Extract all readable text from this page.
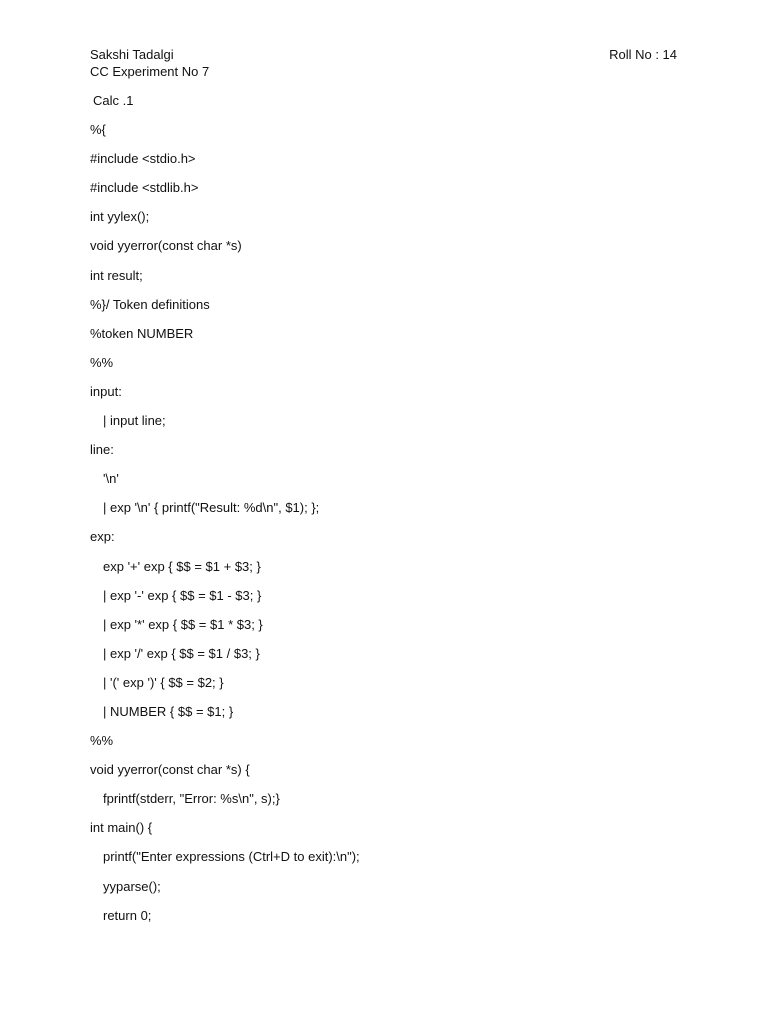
Sakshi Tadalgi
CC Experiment No 7
Roll No : 14
Calc .1
%{
#include <stdio.h>
#include <stdlib.h>
int yylex();
void yyerror(const char *s)
int result;
%}/ Token definitions
%token NUMBER
%%
input:
| input line;
line:
'\n'
| exp '\n' { printf("Result: %d\n", $1); };
exp:
exp '+' exp { $$ = $1 + $3; }
| exp '-' exp { $$ = $1 - $3; }
| exp '*' exp { $$ = $1 * $3; }
| exp '/' exp { $$ = $1 / $3; }
| '(' exp ')' { $$ = $2; }
| NUMBER { $$ = $1; }
%%
void yyerror(const char *s) {
fprintf(stderr, "Error: %s\n", s);}
int main() {
printf("Enter expressions (Ctrl+D to exit):\n");
yyparse();
return 0;
